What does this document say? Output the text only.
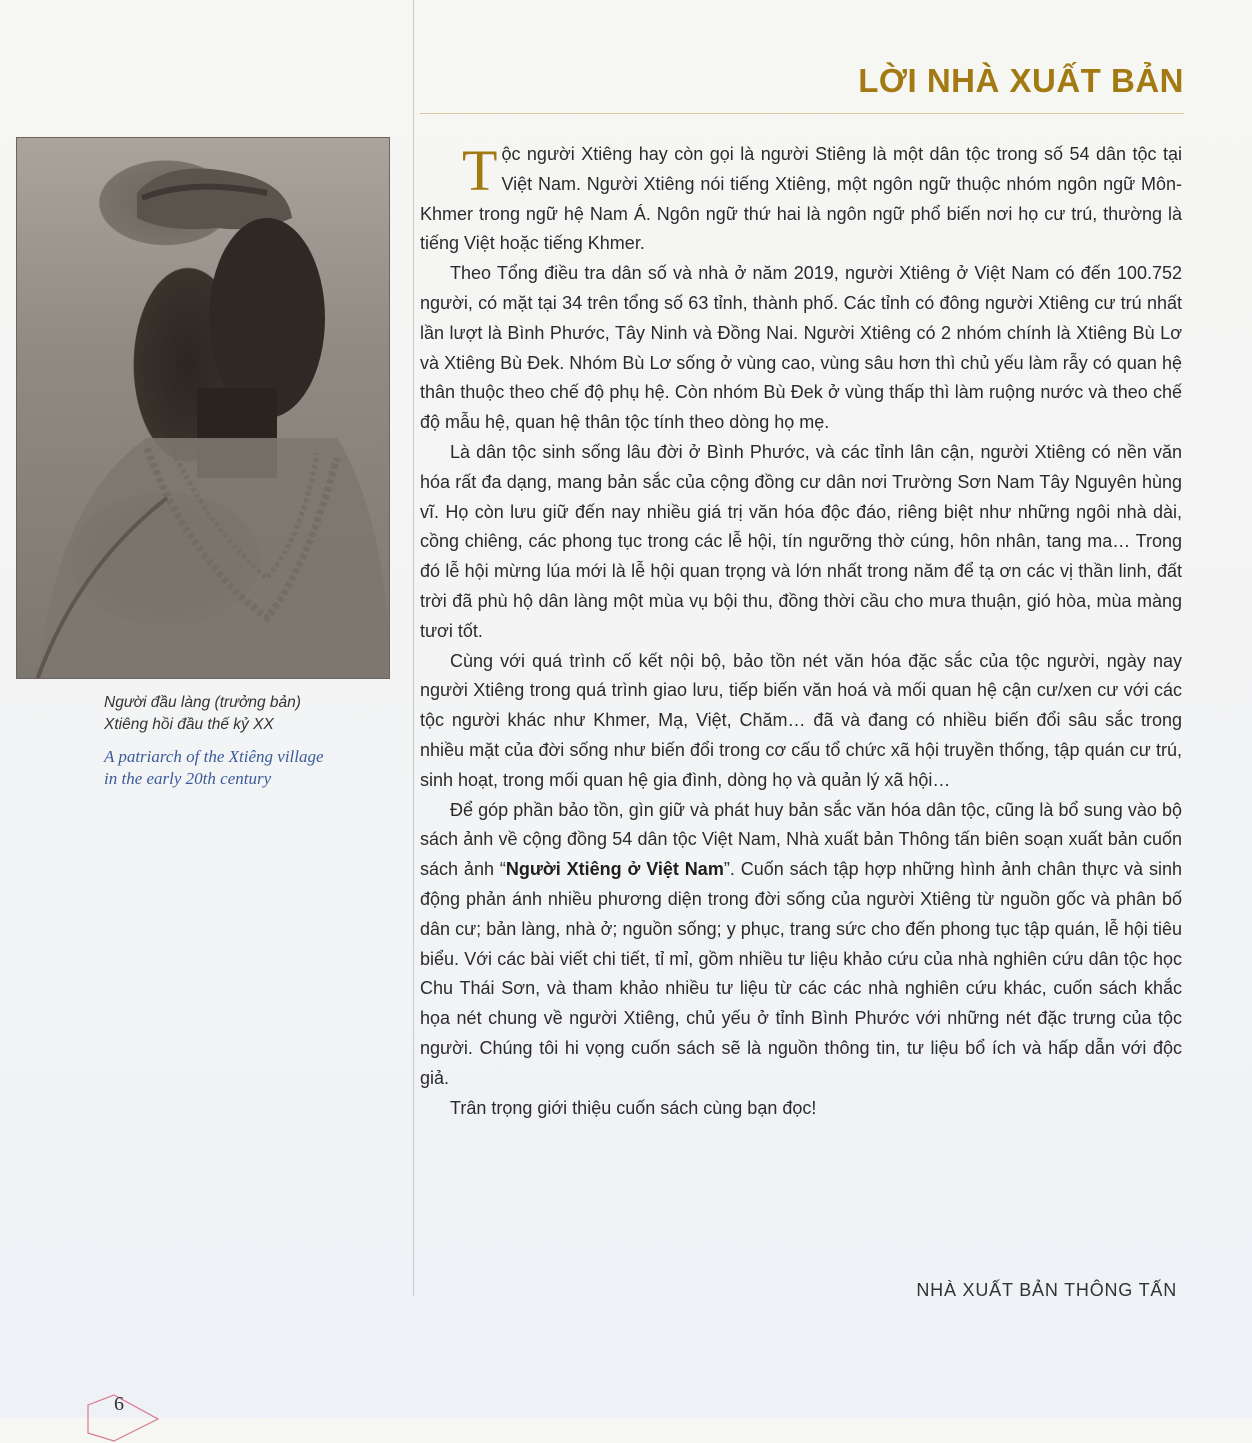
LỜI NHÀ XUẤT BẢN
Người đầu làng (trưởng bản)
Xtiêng hồi đầu thế kỷ XX
A patriarch of the Xtiêng village
in the early 20th century

Tộc người Xtiêng hay còn gọi là người Stiêng là một dân tộc trong số 54 dân tộc tại Việt Nam. Người Xtiêng nói tiếng Xtiêng, một ngôn ngữ thuộc nhóm ngôn ngữ Môn-Khmer trong ngữ hệ Nam Á. Ngôn ngữ thứ hai là ngôn ngữ phổ biến nơi họ cư trú, thường là tiếng Việt hoặc tiếng Khmer.

Theo Tổng điều tra dân số và nhà ở năm 2019, người Xtiêng ở Việt Nam có đến 100.752 người, có mặt tại 34 trên tổng số 63 tỉnh, thành phố. Các tỉnh có đông người Xtiêng cư trú nhất lần lượt là Bình Phước, Tây Ninh và Đồng Nai. Người Xtiêng có 2 nhóm chính là Xtiêng Bù Lơ và Xtiêng Bù Đek. Nhóm Bù Lơ sống ở vùng cao, vùng sâu hơn thì chủ yếu làm rẫy có quan hệ thân thuộc theo chế độ phụ hệ. Còn nhóm Bù Đek ở vùng thấp thì làm ruộng nước và theo chế độ mẫu hệ, quan hệ thân tộc tính theo dòng họ mẹ.

Là dân tộc sinh sống lâu đời ở Bình Phước, và các tỉnh lân cận, người Xtiêng có nền văn hóa rất đa dạng, mang bản sắc của cộng đồng cư dân nơi Trường Sơn Nam Tây Nguyên hùng vĩ. Họ còn lưu giữ đến nay nhiều giá trị văn hóa độc đáo, riêng biệt như những ngôi nhà dài, cồng chiêng, các phong tục trong các lễ hội, tín ngưỡng thờ cúng, hôn nhân, tang ma… Trong đó lễ hội mừng lúa mới là lễ hội quan trọng và lớn nhất trong năm để tạ ơn các vị thần linh, đất trời đã phù hộ dân làng một mùa vụ bội thu, đồng thời cầu cho mưa thuận, gió hòa, mùa màng tươi tốt.

Cùng với quá trình cố kết nội bộ, bảo tồn nét văn hóa đặc sắc của tộc người, ngày nay người Xtiêng trong quá trình giao lưu, tiếp biến văn hoá và mối quan hệ cận cư/xen cư với các tộc người khác như Khmer, Mạ, Việt, Chăm… đã và đang có nhiều biến đổi sâu sắc trong nhiều mặt của đời sống như biến đổi trong cơ cấu tổ chức xã hội truyền thống, tập quán cư trú, sinh hoạt, trong mối quan hệ gia đình, dòng họ và quản lý xã hội…

Để góp phần bảo tồn, gìn giữ và phát huy bản sắc văn hóa dân tộc, cũng là bổ sung vào bộ sách ảnh về cộng đồng 54 dân tộc Việt Nam, Nhà xuất bản Thông tấn biên soạn xuất bản cuốn sách ảnh “Người Xtiêng ở Việt Nam”. Cuốn sách tập hợp những hình ảnh chân thực và sinh động phản ánh nhiều phương diện trong đời sống của người Xtiêng từ nguồn gốc và phân bố dân cư; bản làng, nhà ở; nguồn sống; y phục, trang sức cho đến phong tục tập quán, lễ hội tiêu biểu. Với các bài viết chi tiết, tỉ mỉ, gồm nhiều tư liệu khảo cứu của nhà nghiên cứu dân tộc học Chu Thái Sơn, và tham khảo nhiều tư liệu từ các các nhà nghiên cứu khác, cuốn sách khắc họa nét chung về người Xtiêng, chủ yếu ở tỉnh Bình Phước với những nét đặc trưng của tộc người. Chúng tôi hi vọng cuốn sách sẽ là nguồn thông tin, tư liệu bổ ích và hấp dẫn với độc giả.

Trân trọng giới thiệu cuốn sách cùng bạn đọc!

NHÀ XUẤT BẢN THÔNG TẤN
6
